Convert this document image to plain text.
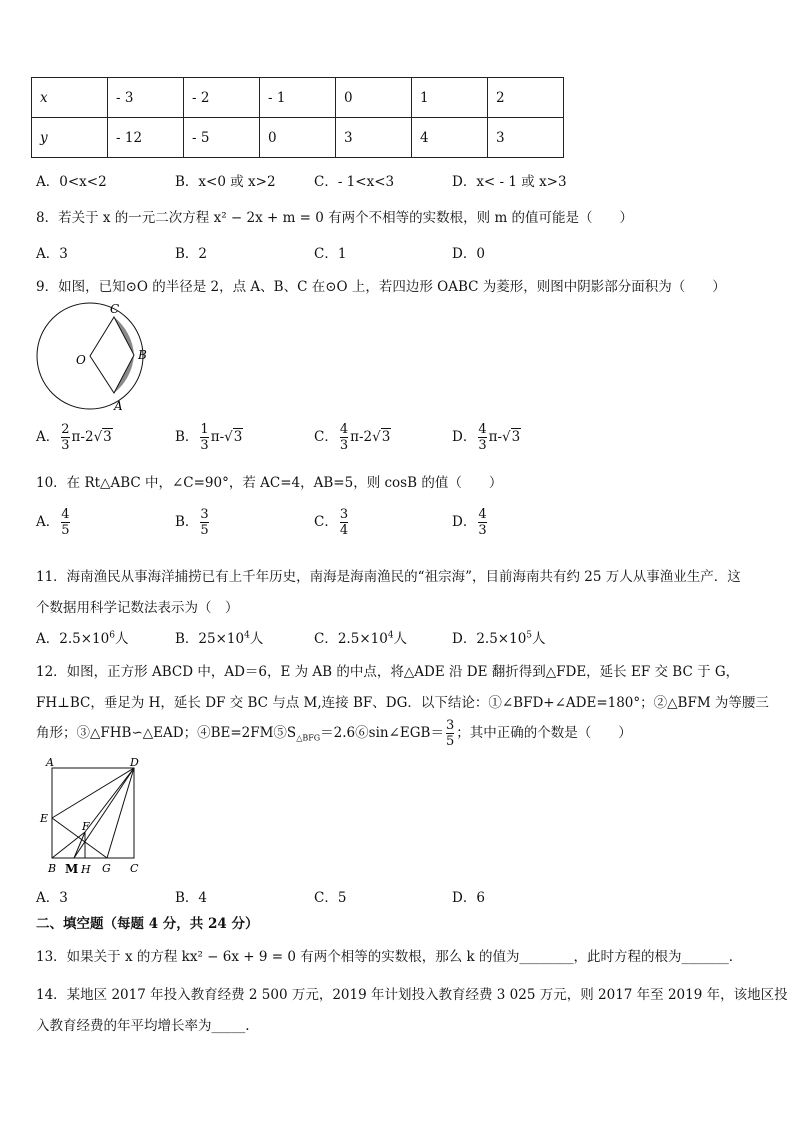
x	- 3	- 2	- 1	0	1	2
y	- 12	- 5	0	3	4	3
A．0<x<2	B．x<0 或 x>2	C．- 1<x<3	D．x< - 1 或 x>3
8．若关于 x 的一元二次方程 x² − 2x + m = 0 有两个不相等的实数根，则 m 的值可能是（　　）
A．3	B．2	C．1	D．0
9．如图，已知⊙O 的半径是 2，点 A、B、C 在⊙O 上，若四边形 OABC 为菱形，则图中阴影部分面积为（　　）
C
O	B
A
A． $\frac{2}{3} \pi-2√3$	B． $\frac{1}{3} \pi-√3$	C． $\frac{4}{3} \pi-2√3$	D． $\frac{4}{3} \pi-√3$
10．在 Rt△ABC 中，∠C=90°，若 AC=4，AB=5，则 cosB 的值（　　）
A． $\frac{4}{5}$	B． $\frac{3}{5}$	C． $\frac{3}{4}$	D． $\frac{4}{3}$
11．海南渔民从事海洋捕捞已有上千年历史，南海是海南渔民的“祖宗海”，目前海南共有约 25 万人从事渔业生产．这
个数据用科学记数法表示为（　）
A．$2.5\times 10^6$人	B．$25\times 10^4$人	C．$2.5\times 10^4$人	D．$2.5\times 10^5$人
12．如图，正方形 ABCD 中，AD＝6，E 为 AB 的中点，将△ADE 沿 DE 翻折得到△FDE，延长 EF 交 BC 于 G，
FH⊥BC，垂足为 H，延长 DF 交 BC 与点 M,连接 BF、DG．以下结论：①∠BFD+∠ADE=180°；②△BFM 为等腰三
角形；③△FHB∽△EAD；$④BE=2FM⑤S_{\triangle BFG}=2.6⑥\sin\angle EGB= \frac{3}{5}$ ；其中正确的个数是（　　）
A	D
E
F
B M H G C
A．3	B．4	C．5	D．6
二、填空题（每题 4 分，共 24 分）
13．如果关于 x 的方程 kx² − 6x + 9 = 0 有两个相等的实数根，那么 k 的值为________，此时方程的根为_______．
14．某地区 2017 年投入教育经费 2 500 万元，2019 年计划投入教育经费 3 025 万元，则 2017 年至 2019 年，该地区投
入教育经费的年平均增长率为_____.
